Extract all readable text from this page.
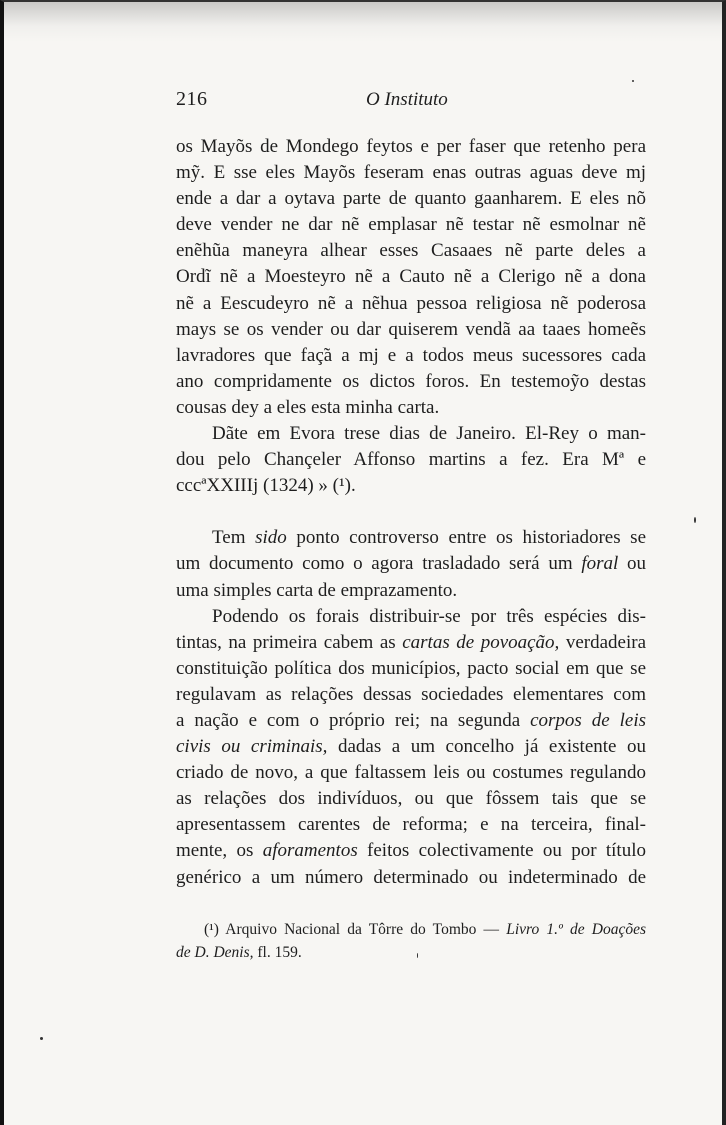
216	O Instituto
os Mayõs de Mondego feytos e per faser que retenho pera
mỹ. E sse eles Mayõs feseram enas outras aguas deve mj
ende a dar a oytava parte de quanto gaanharem. E eles nõ
deve vender ne dar nẽ emplasar nẽ testar nẽ esmolnar nẽ
enẽhũa maneyra alhear esses Casaaes nẽ parte deles a
Ordĩ nẽ a Moesteyro nẽ a Cauto nẽ a Clerigo nẽ a dona
nẽ a Eescudeyro nẽ a nẽhua pessoa religiosa nẽ poderosa
mays se os vender ou dar quiserem vendã aa taaes homeẽs
lavradores que faç̃a a mj e a todos meus sucessores cada
ano compridamente os dictos foros. En testemoỹo destas
cousas dey a eles esta minha carta.
Dãte em Evora trese dias de Janeiro. El-Rey o man-
dou pelo Chançeler Affonso martins a fez. Era Mª e
cccªXXIIIj (1324) » (¹).
Tem sido ponto controverso entre os historiadores se
um documento como o agora trasladado será um foral ou
uma simples carta de emprazamento.
Podendo os forais distribuir-se por três espécies dis-
tintas, na primeira cabem as cartas de povoação, verdadeira
constituição política dos municípios, pacto social em que se
regulavam as relações dessas sociedades elementares com
a nação e com o próprio rei; na segunda corpos de leis
civis ou criminais, dadas a um concelho já existente ou
criado de novo, a que faltassem leis ou costumes regulando
as relações dos indivíduos, ou que fôssem tais que se
apresentassem carentes de reforma; e na terceira, final-
mente, os aforamentos feitos colectivamente ou por título
genérico a um número determinado ou indeterminado de
(¹) Arquivo Nacional da Tôrre do Tombo — Livro 1.º de Doações
de D. Denis, fl. 159.
